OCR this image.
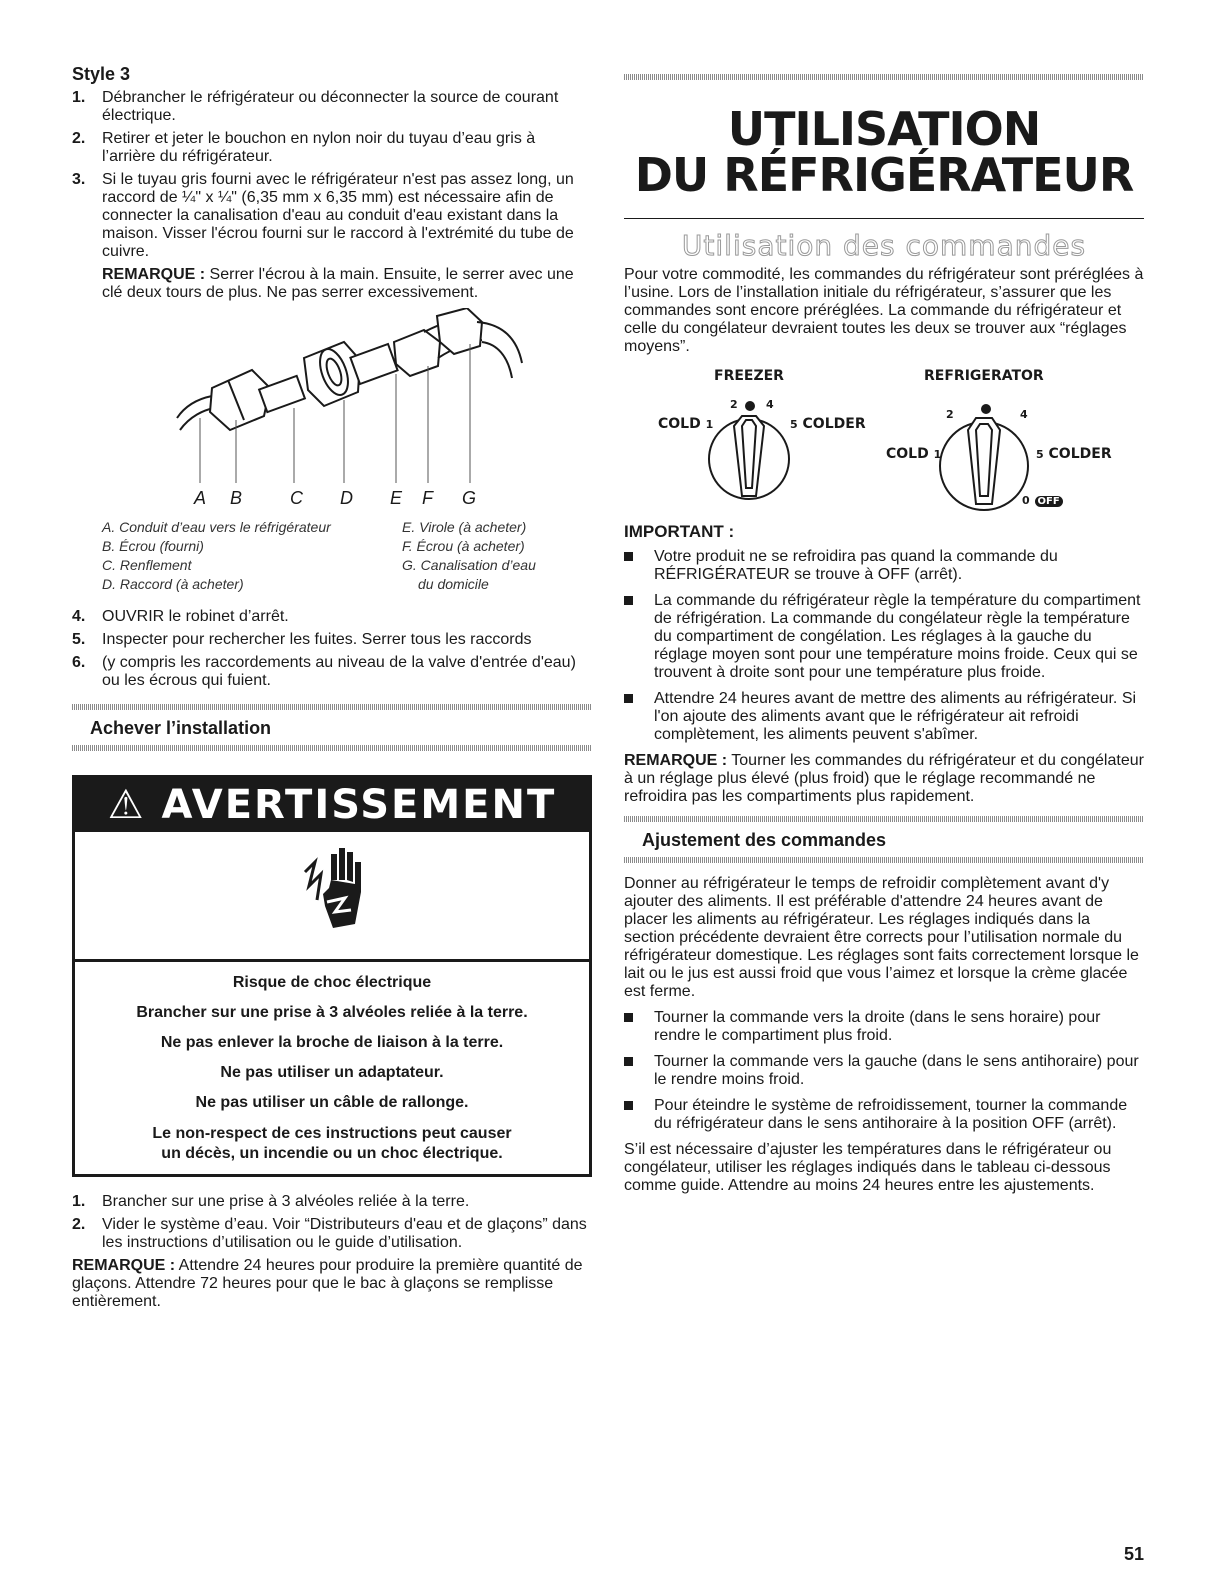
Style 3
1. Débrancher le réfrigérateur ou déconnecter la source de courant électrique.
2. Retirer et jeter le bouchon en nylon noir du tuyau d’eau gris à l’arrière du réfrigérateur.
3. Si le tuyau gris fourni avec le réfrigérateur n'est pas assez long, un raccord de ¼" x ¼" (6,35 mm x 6,35 mm) est nécessaire afin de connecter la canalisation d'eau au conduit d'eau existant dans la maison. Visser l'écrou fourni sur le raccord à l'extrémité du tube de cuivre.

REMARQUE : Serrer l'écrou à la main. Ensuite, le serrer avec une clé deux tours de plus. Ne pas serrer excessivement.

A B	C D E F G
A. Conduit d’eau vers le réfrigérateur
B. Écrou (fourni)
C. Renflement
D. Raccord (à acheter)
E. Virole (à acheter)
F. Écrou (à acheter)
G. Canalisation d’eau
du domicile
4. OUVRIR le robinet d’arrêt.
5. Inspecter pour rechercher les fuites. Serrer tous les raccords
6. (y compris les raccordements au niveau de la valve d'entrée d'eau) ou les écrous qui fuient.
Achever l’installation
⚠ AVERTISSEMENT
Risque de choc électrique
Brancher sur une prise à 3 alvéoles reliée à la terre.
Ne pas enlever la broche de liaison à la terre.
Ne pas utiliser un adaptateur.
Ne pas utiliser un câble de rallonge.
Le non-respect de ces instructions peut causer
un décès, un incendie ou un choc électrique.
1. Brancher sur une prise à 3 alvéoles reliée à la terre.
2. Vider le système d’eau. Voir “Distributeurs d'eau et de glaçons” dans les instructions d’utilisation ou le guide d’utilisation.

REMARQUE : Attendre 24 heures pour produire la première quantité de glaçons. Attendre 72 heures pour que le bac à glaçons se remplisse entièrement.

UTILISATION
DU RÉFRIGÉRATEUR
Utilisation des commandes

Pour votre commodité, les commandes du réfrigérateur sont préréglées à l’usine. Lors de l’installation initiale du réfrigérateur, s’assurer que les commandes sont encore préréglées. La commande du réfrigérateur et celle du congélateur devraient toutes les deux se trouver aux “réglages moyens”.

FREEZER	REFRIGERATOR
COLD 1
2	4
5 COLDER
COLD 1
2	4
5 COLDER
0 OFF
IMPORTANT :
Votre produit ne se refroidira pas quand la commande du RÉFRIGÉRATEUR se trouve à OFF (arrêt).
La commande du réfrigérateur règle la température du compartiment de réfrigération. La commande du congélateur règle la température du compartiment de congélation. Les réglages à la gauche du réglage moyen sont pour une température moins froide. Ceux qui se trouvent à droite sont pour une température plus froide.
Attendre 24 heures avant de mettre des aliments au réfrigérateur. Si l'on ajoute des aliments avant que le réfrigérateur ait refroidi complètement, les aliments peuvent s'abîmer.

REMARQUE : Tourner les commandes du réfrigérateur et du congélateur à un réglage plus élevé (plus froid) que le réglage recommandé ne refroidira pas les compartiments plus rapidement.

Ajustement des commandes

Donner au réfrigérateur le temps de refroidir complètement avant d'y ajouter des aliments. Il est préférable d'attendre 24 heures avant de placer les aliments au réfrigérateur. Les réglages indiqués dans la section précédente devraient être corrects pour l’utilisation normale du réfrigérateur domestique. Les réglages sont faits correctement lorsque le lait ou le jus est aussi froid que vous l’aimez et lorsque la crème glacée est ferme.

Tourner la commande vers la droite (dans le sens horaire) pour rendre le compartiment plus froid.
Tourner la commande vers la gauche (dans le sens antihoraire) pour le rendre moins froid.
Pour éteindre le système de refroidissement, tourner la commande du réfrigérateur dans le sens antihoraire à la position OFF (arrêt).

S’il est nécessaire d’ajuster les températures dans le réfrigérateur ou congélateur, utiliser les réglages indiqués dans le tableau ci-dessous comme guide. Attendre au moins 24 heures entre les ajustements.

51
